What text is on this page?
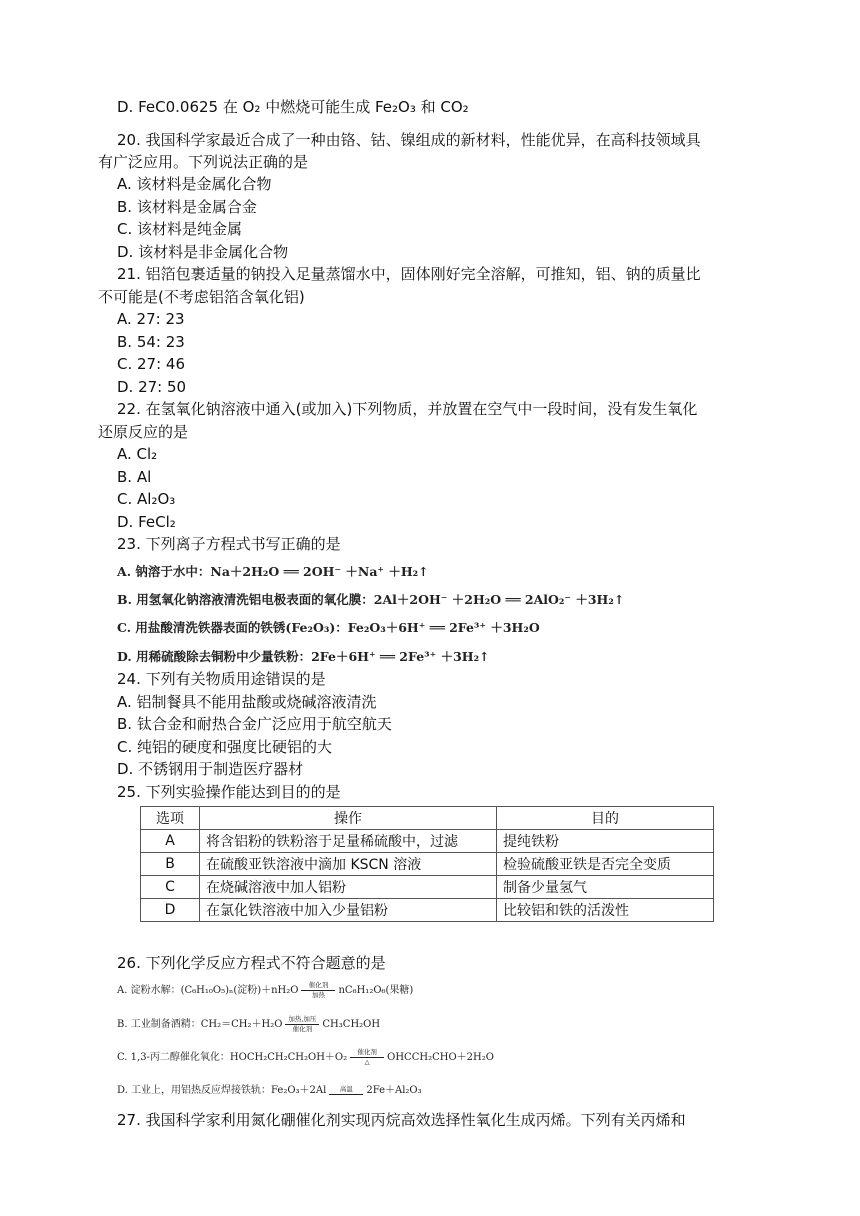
D. FeC0.0625 在 O₂ 中燃烧可能生成 Fe₂O₃ 和 CO₂
20. 我国科学家最近合成了一种由铬、钴、镍组成的新材料，性能优异，在高科技领域具
有广泛应用。下列说法正确的是
A. 该材料是金属化合物
B. 该材料是金属合金
C. 该材料是纯金属
D. 该材料是非金属化合物
21. 铝箔包裹适量的钠投入足量蒸馏水中，固体刚好完全溶解，可推知，铝、钠的质量比
不可能是(不考虑铝箔含氧化铝)
A. 27: 23
B. 54: 23
C. 27: 46
D. 27: 50
22. 在氢氧化钠溶液中通入(或加入)下列物质，并放置在空气中一段时间，没有发生氧化
还原反应的是
A. Cl₂
B. Al
C. Al₂O₃
D. FeCl₂
23. 下列离子方程式书写正确的是
A. 钠溶于水中：Na＋2H₂O ══ 2OH⁻ ＋Na⁺ ＋H₂↑
B. 用氢氧化钠溶液清洗铝电极表面的氧化膜：2Al＋2OH⁻ ＋2H₂O ══ 2AlO₂⁻ ＋3H₂↑
C. 用盐酸清洗铁器表面的铁锈(Fe₂O₃)：Fe₂O₃＋6H⁺ ══ 2Fe³⁺ ＋3H₂O
D. 用稀硫酸除去铜粉中少量铁粉：2Fe＋6H⁺ ══ 2Fe³⁺ ＋3H₂↑
24. 下列有关物质用途错误的是
A. 铝制餐具不能用盐酸或烧碱溶液清洗
B. 钛合金和耐热合金广泛应用于航空航天
C. 纯铝的硬度和强度比硬铝的大
D. 不锈钢用于制造医疗器材
25. 下列实验操作能达到目的的是
选项	操作	目的
A	将含铝粉的铁粉溶于足量稀硫酸中，过滤	提纯铁粉
B	在硫酸亚铁溶液中滴加 KSCN 溶液	检验硫酸亚铁是否完全变质
C	在烧碱溶液中加人铝粉	制备少量氢气
D	在氯化铁溶液中加入少量铝粉	比较铝和铁的活泼性
26. 下列化学反应方程式不符合题意的是
A. 淀粉水解：(C₆H₁₀O₅)ₙ(淀粉)＋nH₂O	催化剂
加热	nC₆H₁₂O₆(果糖)
B. 工业制备酒精：CH₂＝CH₂＋H₂O 加热,加压
催化剂	CH₃CH₂OH
C. 1,3-丙二醇催化氧化：HOCH₂CH₂CH₂OH＋O₂	催化剂
△	OHCCH₂CHO＋2H₂O
D. 工业上，用铝热反应焊接铁轨：Fe₂O₃＋2Al	高温	2Fe＋Al₂O₃
27. 我国科学家利用氮化硼催化剂实现丙烷高效选择性氧化生成丙烯。下列有关丙烯和
